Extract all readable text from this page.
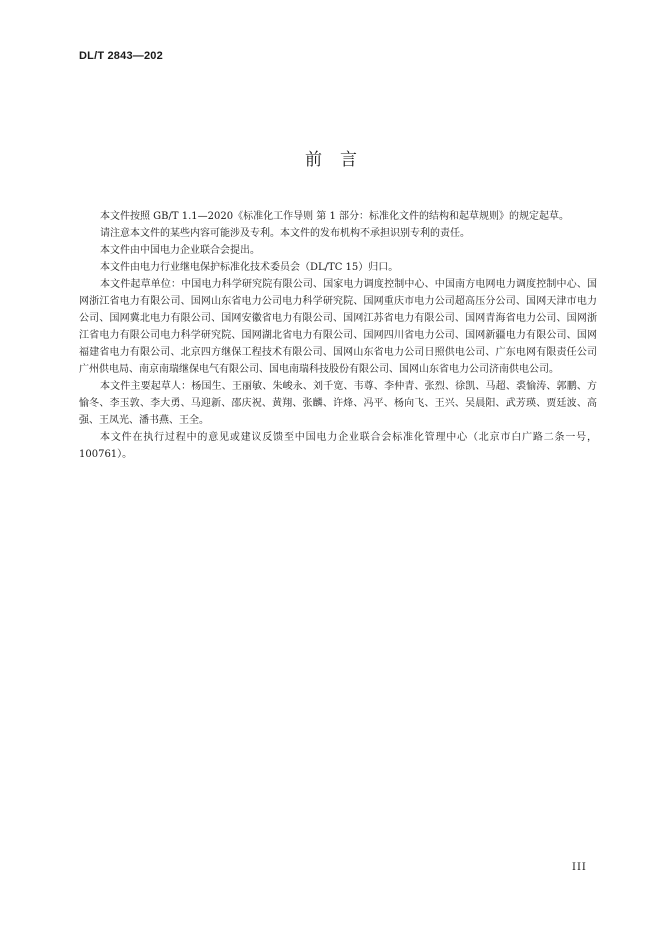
DL/T 2843—202
前言

本文件按照 GB/T 1.1—2020《标准化工作导则 第 1 部分：标准化文件的结构和起草规则》的规定起草。

请注意本文件的某些内容可能涉及专利。本文件的发布机构不承担识别专利的责任。

本文件由中国电力企业联合会提出。

本文件由电力行业继电保护标准化技术委员会（DL/TC 15）归口。

本文件起草单位：中国电力科学研究院有限公司、国家电力调度控制中心、中国南方电网电力调度控制中心、国网浙江省电力有限公司、国网山东省电力公司电力科学研究院、国网重庆市电力公司超高压分公司、国网天津市电力公司、国网冀北电力有限公司、国网安徽省电力有限公司、国网江苏省电力有限公司、国网青海省电力公司、国网浙江省电力有限公司电力科学研究院、国网湖北省电力有限公司、国网四川省电力公司、国网新疆电力有限公司、国网福建省电力有限公司、北京四方继保工程技术有限公司、国网山东省电力公司日照供电公司、广东电网有限责任公司广州供电局、南京南瑞继保电气有限公司、国电南瑞科技股份有限公司、国网山东省电力公司济南供电公司。

本文件主要起草人：杨国生、王丽敏、朱峻永、刘千宽、韦尊、李仲青、张烈、徐凯、马超、裘愉涛、郭鹏、方愉冬、李玉敦、李大勇、马迎新、邵庆祝、黄翔、张麟、许烽、冯平、杨向飞、王兴、吴晨阳、武芳瑛、贾廷波、高强、王凤光、潘书燕、王全。

本文件在执行过程中的意见或建议反馈至中国电力企业联合会标准化管理中心（北京市白广路二条一号，100761）。

III
